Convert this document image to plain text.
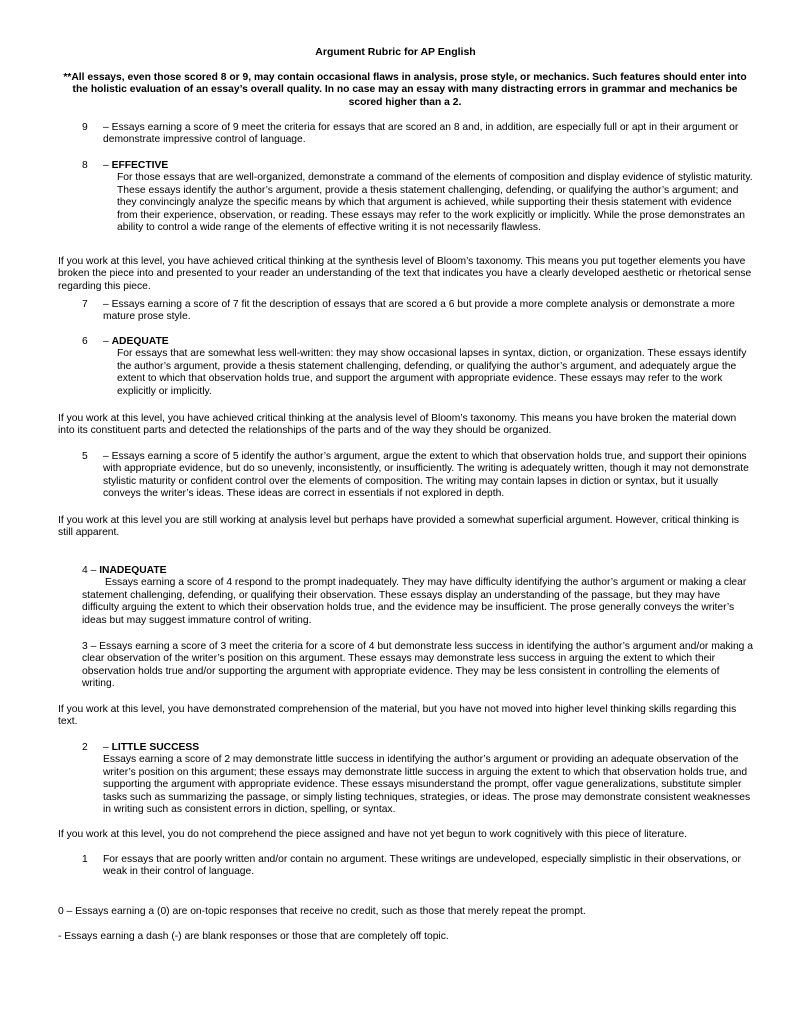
Argument Rubric for AP English
**All essays, even those scored 8 or 9, may contain occasional flaws in analysis, prose style, or mechanics. Such features should enter into the holistic evaluation of an essay’s overall quality. In no case may an essay with many distracting errors in grammar and mechanics be scored higher than a 2.
9 – Essays earning a score of 9 meet the criteria for essays that are scored an 8 and, in addition, are especially full or apt in their argument or demonstrate impressive control of language.
8 – EFFECTIVE
For those essays that are well-organized, demonstrate a command of the elements of composition and display evidence of stylistic maturity. These essays identify the author’s argument, provide a thesis statement challenging, defending, or qualifying the author’s argument; and they convincingly analyze the specific means by which that argument is achieved, while supporting their thesis statement with evidence from their experience, observation, or reading. These essays may refer to the work explicitly or implicitly. While the prose demonstrates an ability to control a wide range of the elements of effective writing it is not necessarily flawless.
If you work at this level, you have achieved critical thinking at the synthesis level of Bloom’s taxonomy. This means you put together elements you have broken the piece into and presented to your reader an understanding of the text that indicates you have a clearly developed aesthetic or rhetorical sense regarding this piece.
7 – Essays earning a score of 7 fit the description of essays that are scored a 6 but provide a more complete analysis or demonstrate a more mature prose style.
6 – ADEQUATE
For essays that are somewhat less well-written: they may show occasional lapses in syntax, diction, or organization. These essays identify the author’s argument, provide a thesis statement challenging, defending, or qualifying the author’s argument, and adequately argue the extent to which that observation holds true, and support the argument with appropriate evidence. These essays may refer to the work explicitly or implicitly.
If you work at this level, you have achieved critical thinking at the analysis level of Bloom’s taxonomy. This means you have broken the material down into its constituent parts and detected the relationships of the parts and of the way they should be organized.
5 – Essays earning a score of 5 identify the author’s argument, argue the extent to which that observation holds true, and support their opinions with appropriate evidence, but do so unevenly, inconsistently, or insufficiently. The writing is adequately written, though it may not demonstrate stylistic maturity or confident control over the elements of composition. The writing may contain lapses in diction or syntax, but it usually conveys the writer’s ideas. These ideas are correct in essentials if not explored in depth.
If you work at this level you are still working at analysis level but perhaps have provided a somewhat superficial argument. However, critical thinking is still apparent.
4 – INADEQUATE
Essays earning a score of 4 respond to the prompt inadequately. They may have difficulty identifying the author’s argument or making a clear statement challenging, defending, or qualifying their observation. These essays display an understanding of the passage, but they may have difficulty arguing the extent to which their observation holds true, and the evidence may be insufficient. The prose generally conveys the writer’s ideas but may suggest immature control of writing.
3 – Essays earning a score of 3 meet the criteria for a score of 4 but demonstrate less success in identifying the author’s argument and/or making a clear observation of the writer’s position on this argument. These essays may demonstrate less success in arguing the extent to which their observation holds true and/or supporting the argument with appropriate evidence. They may be less consistent in controlling the elements of writing.
If you work at this level, you have demonstrated comprehension of the material, but you have not moved into higher level thinking skills regarding this text.
2 – LITTLE SUCCESS
Essays earning a score of 2 may demonstrate little success in identifying the author’s argument or providing an adequate observation of the writer’s position on this argument; these essays may demonstrate little success in arguing the extent to which that observation holds true, and supporting the argument with appropriate evidence. These essays misunderstand the prompt, offer vague generalizations, substitute simpler tasks such as summarizing the passage, or simply listing techniques, strategies, or ideas. The prose may demonstrate consistent weaknesses in writing such as consistent errors in diction, spelling, or syntax.
If you work at this level, you do not comprehend the piece assigned and have not yet begun to work cognitively with this piece of literature.
1 For essays that are poorly written and/or contain no argument. These writings are undeveloped, especially simplistic in their observations, or weak in their control of language.
0 – Essays earning a (0) are on-topic responses that receive no credit, such as those that merely repeat the prompt.
- Essays earning a dash (-) are blank responses or those that are completely off topic.
